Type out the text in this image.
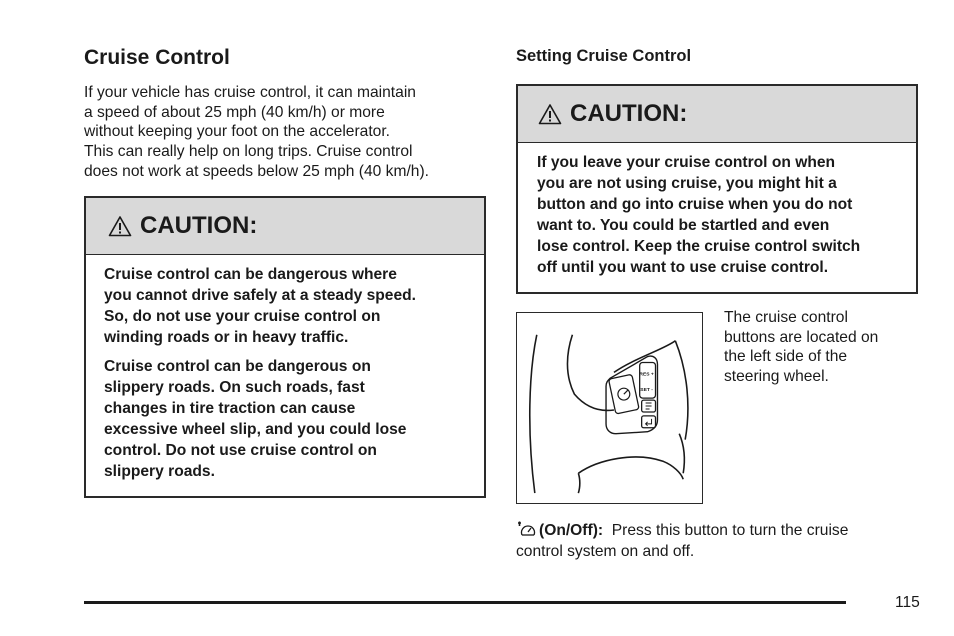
Cruise Control
If your vehicle has cruise control, it can maintain
a speed of about 25 mph (40 km/h) or more
without keeping your foot on the accelerator.
This can really help on long trips. Cruise control
does not work at speeds below 25 mph (40 km/h).
CAUTION:
Cruise control can be dangerous where
you cannot drive safely at a steady speed.
So, do not use your cruise control on
winding roads or in heavy traffic.
Cruise control can be dangerous on
slippery roads. On such roads, fast
changes in tire traction can cause
excessive wheel slip, and you could lose
control. Do not use cruise control on
slippery roads.
Setting Cruise Control
CAUTION:
If you leave your cruise control on when
you are not using cruise, you might hit a
button and go into cruise when you do not
want to. You could be startled and even
lose control. Keep the cruise control switch
off until you want to use cruise control.
RES +
SET -
The cruise control
buttons are located on
the left side of the
steering wheel.
(On/Off): Press this button to turn the cruise
control system on and off.
115
